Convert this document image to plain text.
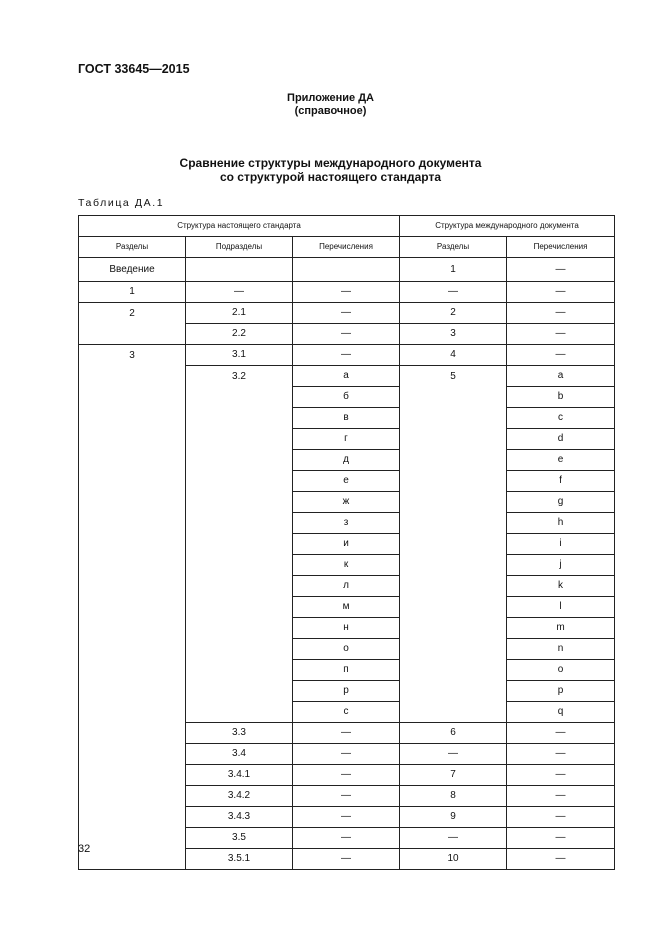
ГОСТ 33645—2015
Приложение ДА
(справочное)
Сравнение структуры международного документа
со структурой настоящего стандарта
Таблица ДА.1
Структура настоящего стандарта			Структура международного документа	
Разделы	Подразделы	Перечисления	Разделы	Перечисления
Введение			1	—
1	—	—	—	—
2	2.1	—	2	—
	2.2	—	3	—
3	3.1	—	4	—
	3.2	а	5	a
		б		b
		в		c
		г		d
		д		e
		е		f
		ж		g
		з		h
		и		i
		к		j
		л		k
		м		l
		н		m
		о		n
		п		o
		р		p
		с		q
	3.3	—	6	—
	3.4	—	—	—
	3.4.1	—	7	—
	3.4.2	—	8	—
	3.4.3	—	9	—
	3.5	—	—	—
	3.5.1	—	10	—
32
